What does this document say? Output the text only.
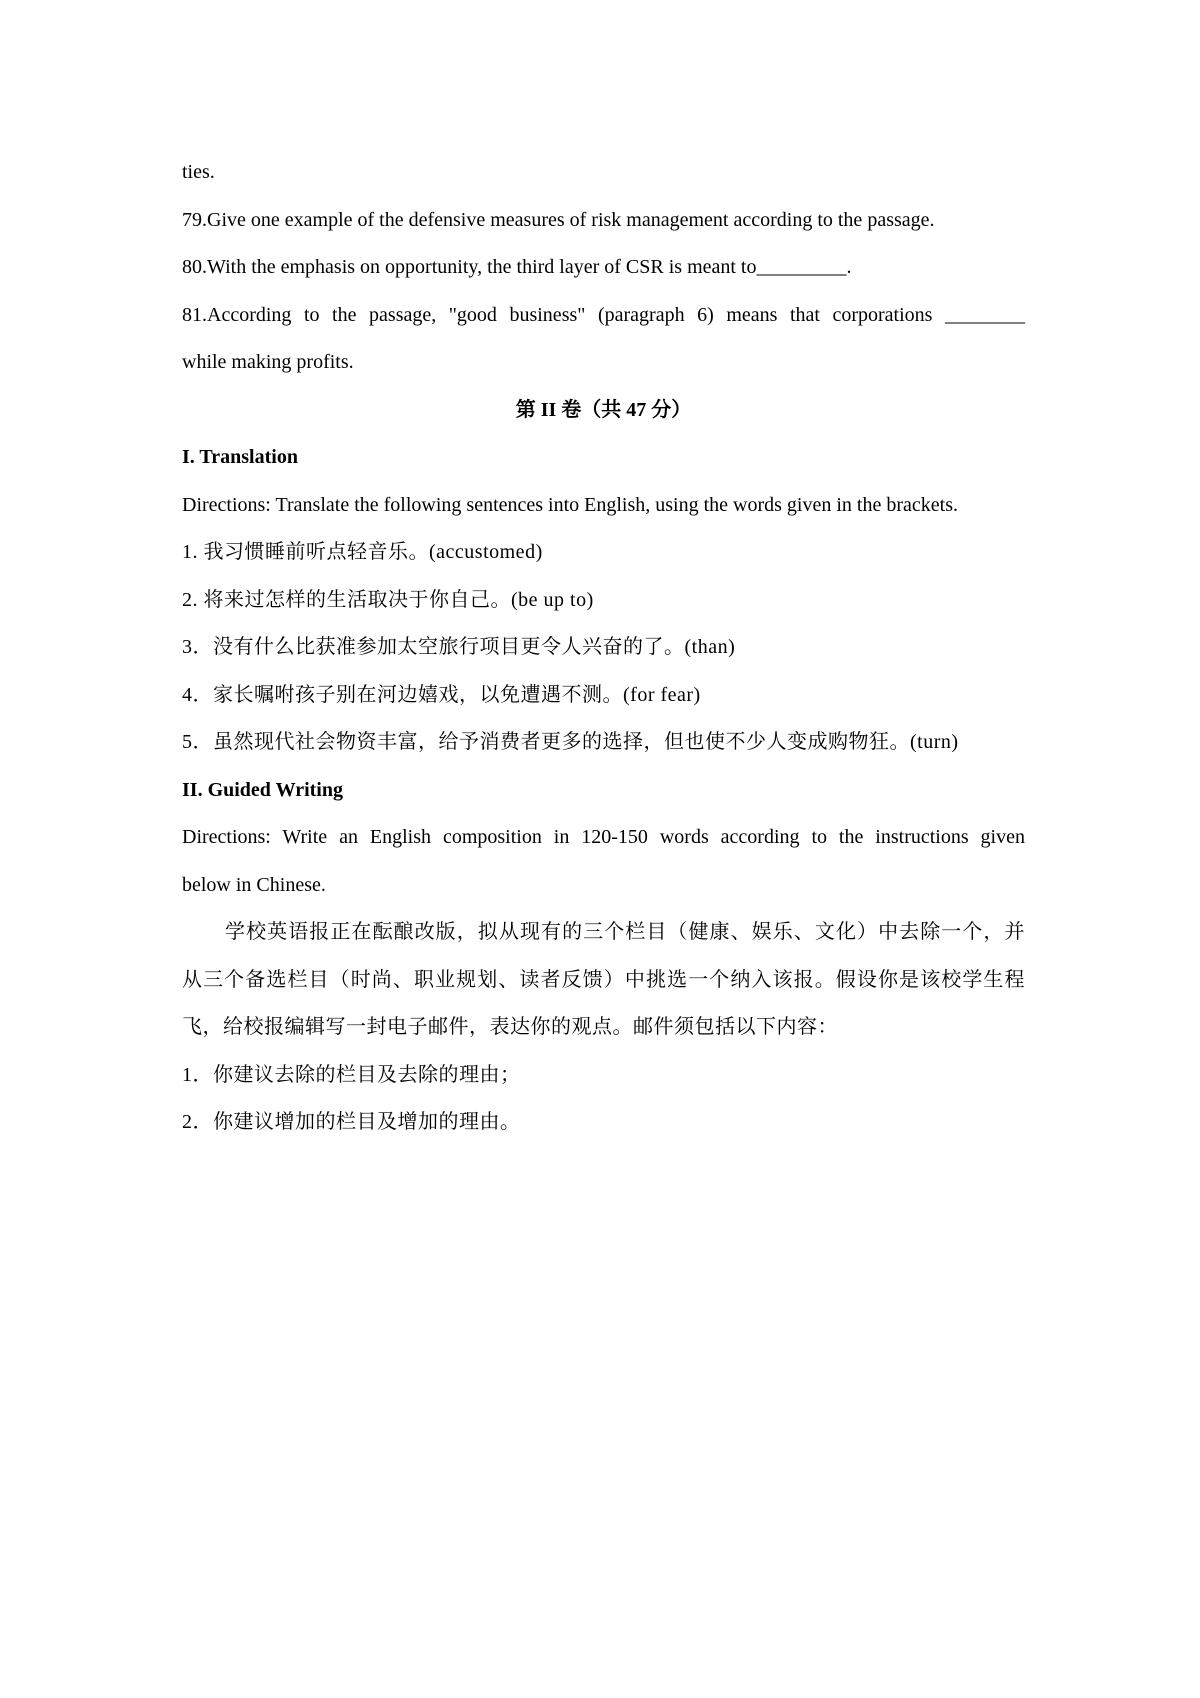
ties.
79.Give one example of the defensive measures of risk management according to the passage.
80.With the emphasis on opportunity, the third layer of CSR is meant to_________.
81.According to the passage, "good business" (paragraph 6) means that corporations ________
while making profits.
第 II 卷（共 47 分）
I. Translation
Directions: Translate the following sentences into English, using the words given in the brackets.
1. 我习惯睡前听点轻音乐。(accustomed)
2. 将来过怎样的生活取决于你自己。(be up to)
3．没有什么比获准参加太空旅行项目更令人兴奋的了。(than)
4．家长嘱咐孩子别在河边嬉戏，以免遭遇不测。(for fear)
5．虽然现代社会物资丰富，给予消费者更多的选择，但也使不少人变成购物狂。(turn)
II. Guided Writing
Directions: Write an English composition in 120-150 words according to the instructions given
below in Chinese.
学校英语报正在酝酿改版，拟从现有的三个栏目（健康、娱乐、文化）中去除一个，并
从三个备选栏目（时尚、职业规划、读者反馈）中挑选一个纳入该报。假设你是该校学生程
飞，给校报编辑写一封电子邮件，表达你的观点。邮件须包括以下内容：
1．你建议去除的栏目及去除的理由；
2．你建议增加的栏目及增加的理由。
